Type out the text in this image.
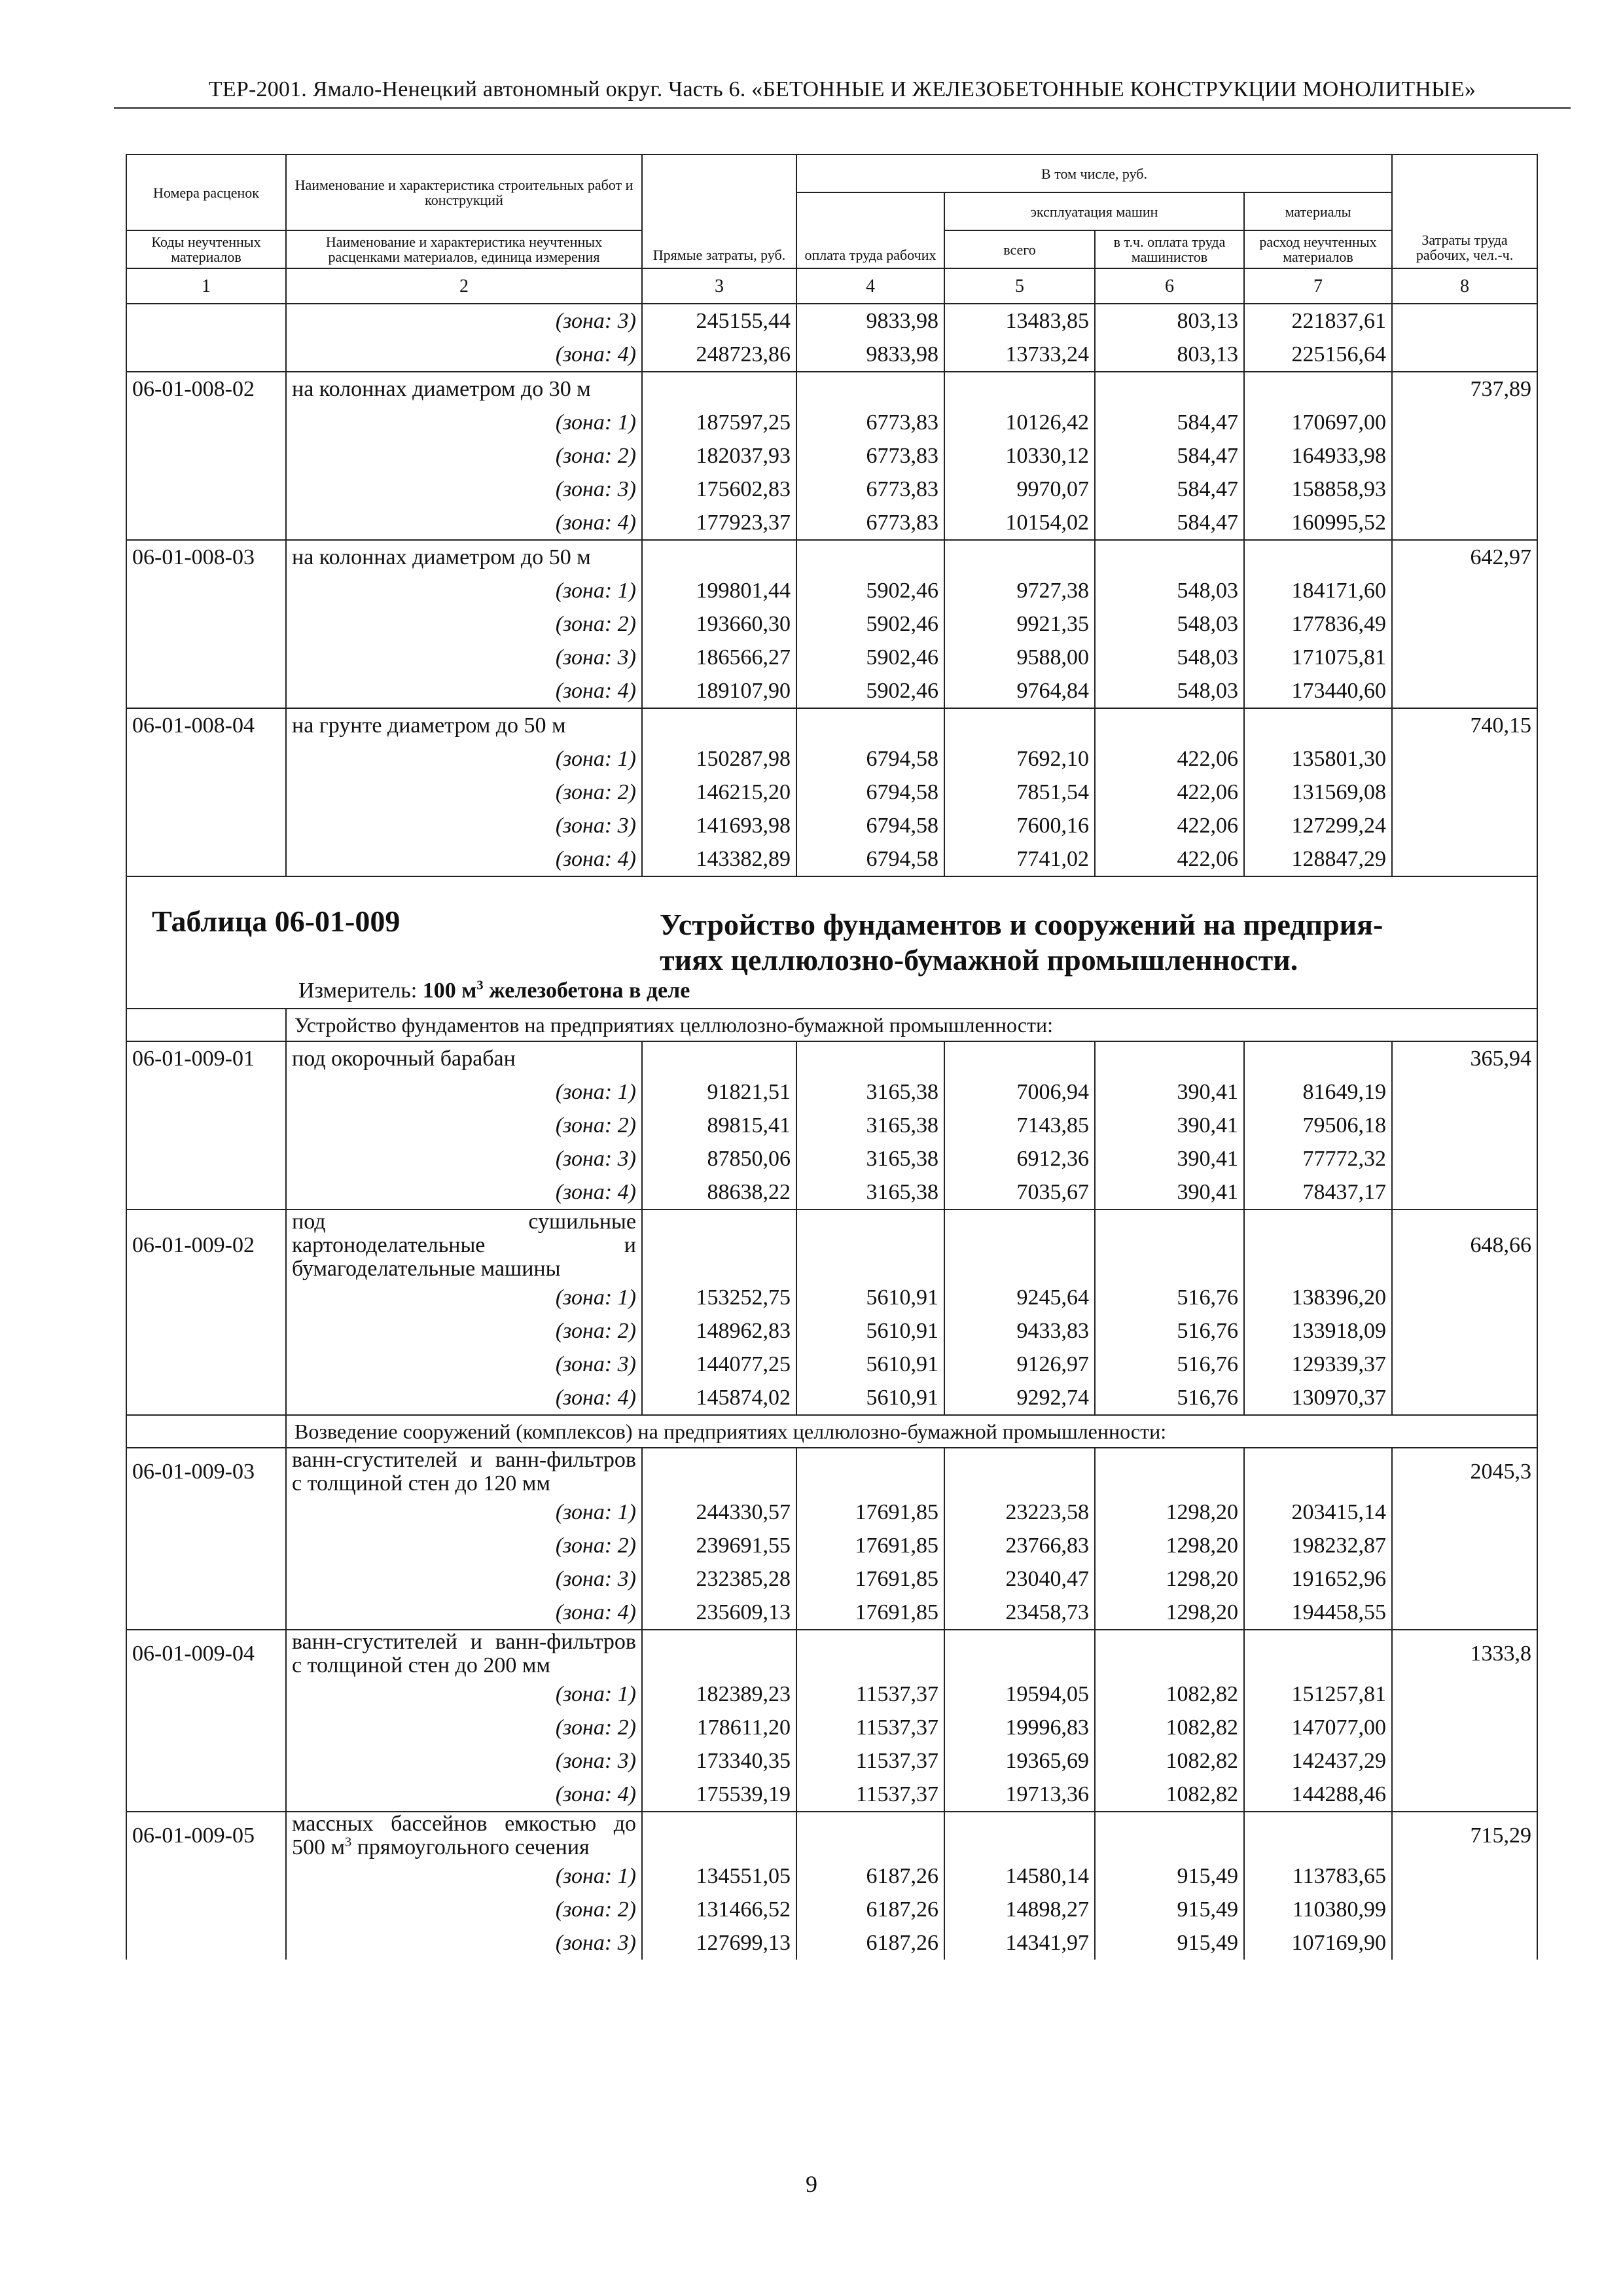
ТЕР-2001. Ямало-Ненецкий автономный округ. Часть 6. «БЕТОННЫЕ И ЖЕЛЕЗОБЕТОННЫЕ КОНСТРУКЦИИ МОНОЛИТНЫЕ»
Номера расценок	Наименование и характеристика строительных работ и конструкций	Прямые затраты, руб.	В том числе, руб.				Затраты труда рабочих, чел.-ч.
			оплата труда рабочих	эксплуатация машин		материалы	
Коды неучтенных материалов	Наименование и характеристика неучтенных расценками материалов, единица измерения			всего	в т.ч. оплата труда машинистов	расход неучтенных материалов	

1	2	3	4	5	6	7	8
	(зона: 3)	245155,44	9833,98	13483,85	803,13	221837,61	
	(зона: 4)	248723,86	9833,98	13733,24	803,13	225156,64	
06-01-008-02	на колоннах диаметром до 30 м						737,89
	(зона: 1)	187597,25	6773,83	10126,42	584,47	170697,00	
	(зона: 2)	182037,93	6773,83	10330,12	584,47	164933,98	
	(зона: 3)	175602,83	6773,83	9970,07	584,47	158858,93	
	(зона: 4)	177923,37	6773,83	10154,02	584,47	160995,52	
06-01-008-03	на колоннах диаметром до 50 м						642,97
	(зона: 1)	199801,44	5902,46	9727,38	548,03	184171,60	
	(зона: 2)	193660,30	5902,46	9921,35	548,03	177836,49	
	(зона: 3)	186566,27	5902,46	9588,00	548,03	171075,81	
	(зона: 4)	189107,90	5902,46	9764,84	548,03	173440,60	
06-01-008-04	на грунте диаметром до 50 м						740,15
	(зона: 1)	150287,98	6794,58	7692,10	422,06	135801,30	
	(зона: 2)	146215,20	6794,58	7851,54	422,06	131569,08	
	(зона: 3)	141693,98	6794,58	7600,16	422,06	127299,24	
	(зона: 4)	143382,89	6794,58	7741,02	422,06	128847,29	

Таблица 06-01-009 Устройство фундаментов и сооружений на предприя-тиях целлюлозно-бумажной промышленности.
Измеритель: 100 $м^3$ железобетона в деле							

	Устройство фундаментов на предприятиях целлюлозно-бумажной промышленности:						
06-01-009-01	под окорочный барабан						365,94
	(зона: 1)	91821,51	3165,38	7006,94	390,41	81649,19	
	(зона: 2)	89815,41	3165,38	7143,85	390,41	79506,18	
	(зона: 3)	87850,06	3165,38	6912,36	390,41	77772,32	
	(зона: 4)	88638,22	3165,38	7035,67	390,41	78437,17	
06-01-009-02	под сушильные картоноделательные и бумагоделательные машины						648,66
	(зона: 1)	153252,75	5610,91	9245,64	516,76	138396,20	
	(зона: 2)	148962,83	5610,91	9433,83	516,76	133918,09	
	(зона: 3)	144077,25	5610,91	9126,97	516,76	129339,37	
	(зона: 4)	145874,02	5610,91	9292,74	516,76	130970,37	
	Возведение сооружений (комплексов) на предприятиях целлюлозно-бумажной промышленности:						
06-01-009-03	ванн-сгустителей и ванн-фильтров с толщиной стен до 120 мм						2045,3
	(зона: 1)	244330,57	17691,85	23223,58	1298,20	203415,14	
	(зона: 2)	239691,55	17691,85	23766,83	1298,20	198232,87	
	(зона: 3)	232385,28	17691,85	23040,47	1298,20	191652,96	
	(зона: 4)	235609,13	17691,85	23458,73	1298,20	194458,55	
06-01-009-04	ванн-сгустителей и ванн-фильтров с толщиной стен до 200 мм						1333,8
	(зона: 1)	182389,23	11537,37	19594,05	1082,82	151257,81	
	(зона: 2)	178611,20	11537,37	19996,83	1082,82	147077,00	
	(зона: 3)	173340,35	11537,37	19365,69	1082,82	142437,29	
	(зона: 4)	175539,19	11537,37	19713,36	1082,82	144288,46	
06-01-009-05	массных бассейнов емкостью до 500 $м^3$ прямоугольного сечения						715,29
	(зона: 1)	134551,05	6187,26	14580,14	915,49	113783,65	
	(зона: 2)	131466,52	6187,26	14898,27	915,49	110380,99	
	(зона: 3)	127699,13	6187,26	14341,97	915,49	107169,90	
9
